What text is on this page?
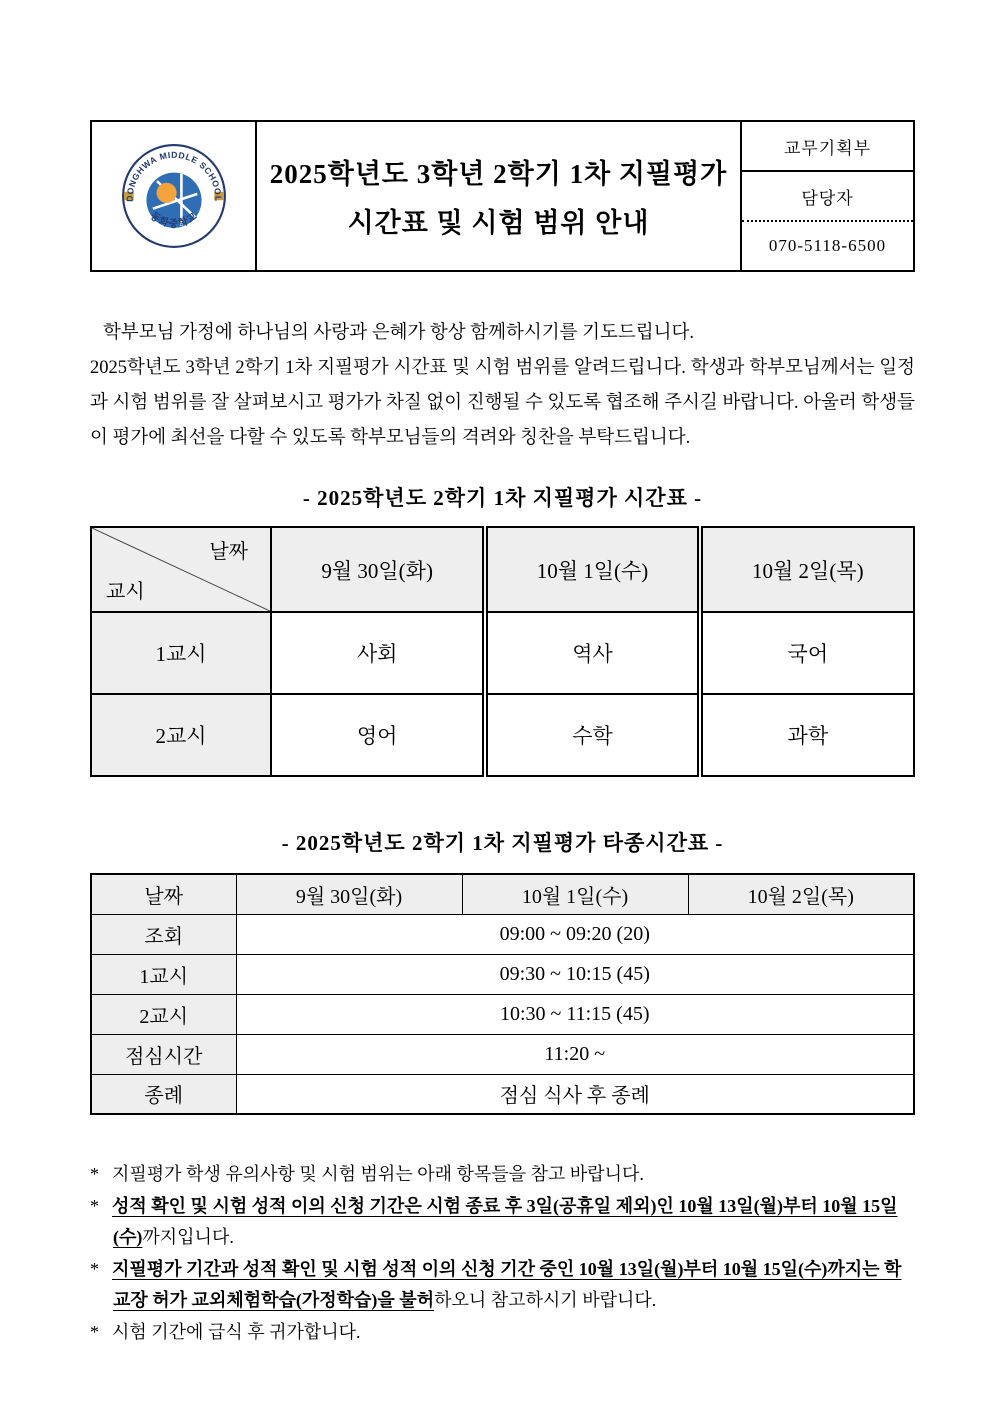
DONGHWA MIDDLE SCHOOL
동화중학교
2025학년도 3학년 2학기 1차 지필평가
시간표 및 시험 범위 안내
교무기획부
담당자
070-5118-6500

학부모님 가정에 하나님의 사랑과 은혜가 항상 함께하시기를 기도드립니다.

2025학년도 3학년 2학기 1차 지필평가 시간표 및 시험 범위를 알려드립니다. 학생과 학부모님께서는 일정과 시험 범위를 잘 살펴보시고 평가가 차질 없이 진행될 수 있도록 협조해 주시길 바랍니다. 아울러 학생들이 평가에 최선을 다할 수 있도록 학부모님들의 격려와 칭찬을 부탁드립니다.

- 2025학년도 2학기 1차 지필평가 시간표 -

날짜
교시	9월 30일(화)	10월 1일(수)	10월 2일(목)
1교시	사회	역사	국어
2교시	영어	수학	과학

- 2025학년도 2학기 1차 지필평가 타종시간표 -

날짜	9월 30일(화)	10월 1일(수)	10월 2일(목)
조회	09:00 ~ 09:20 (20)		
1교시	09:30 ~ 10:15 (45)		
2교시	10:30 ~ 11:15 (45)		
점심시간	11:20 ~		
종례	점심 식사 후 종례		

* 지필평가 학생 유의사항 및 시험 범위는 아래 항목들을 참고 바랍니다.

* 성적 확인 및 시험 성적 이의 신청 기간은 시험 종료 후 3일(공휴일 제외)인 10월 13일(월)부터 10월 15일(수)까지입니다.

* 지필평가 기간과 성적 확인 및 시험 성적 이의 신청 기간 중인 10월 13일(월)부터 10월 15일(수)까지는 학교장 허가 교외체험학습(가정학습)을 불허하오니 참고하시기 바랍니다.

* 시험 기간에 급식 후 귀가합니다.
